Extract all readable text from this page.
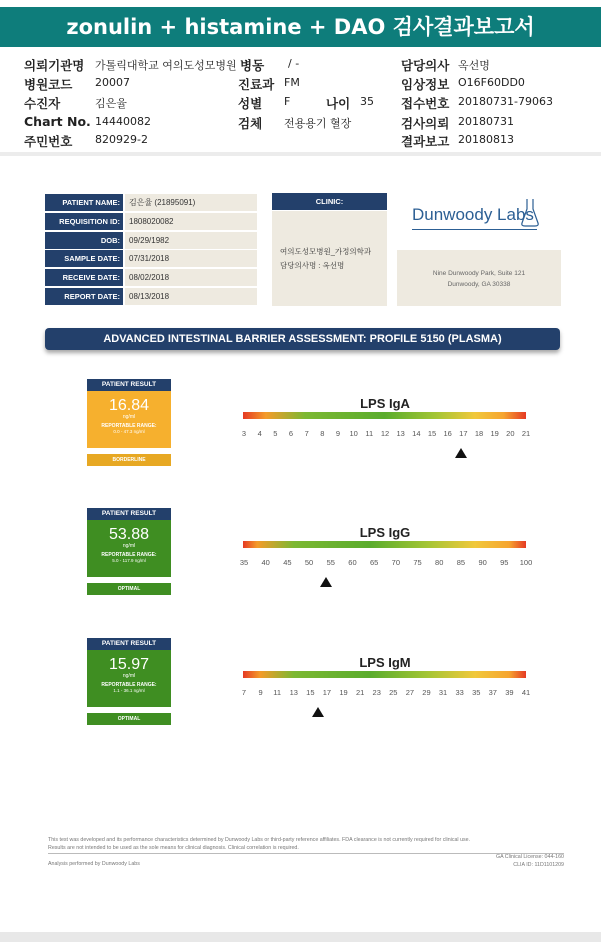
zonulin + histamine + DAO 검사결과보고서
의뢰기관명 가톨릭대학교 여의도성모병원
병원코드 20007
수진자	김은율
Chart No. 14440082
주민번호 820929-2
병동 / -
진료과 FM
성별 F
검체 전용용기 혈장
나이 35
담당의사 옥선명
임상정보 O16F60DD0
접수번호 20180731-79063
검사의뢰 20180731
결과보고 20180813
PATIENT NAME:	김은율 (21895091)
REQUISITION ID:	1808020082
DOB:	09/29/1982
SAMPLE DATE:	07/31/2018
RECEIVE DATE:	08/02/2018
REPORT DATE:	08/13/2018
CLINIC:
여의도성모병원_가정의학과
담당의사명 : 옥선명
Dunwoody Labs
Nine Dunwoody Park, Suite 121
Dunwoody, GA 30338
ADVANCED INTESTINAL BARRIER ASSESSMENT: PROFILE 5150 (PLASMA)
PATIENT RESULT
16.84
ng/ml
REPORTABLE RANGE:
0.0 - 47.3 ng/ml
BORDERLINE
LPS IgA
3 4 5 6 7 8 9 10 11 12 13 14 15 16 17 18 19 20 21
PATIENT RESULT
53.88
ng/ml
REPORTABLE RANGE:
5.0 - 117.9 ng/ml
OPTIMAL
LPS IgG
35 40 45 50 55 60 65 70 75 80 85 90 95 100
PATIENT RESULT
15.97
ng/ml
REPORTABLE RANGE:
1.1 - 36.1 ng/ml
OPTIMAL
LPS IgM
7 9 11 13 15 17 19 21 23 25 27 29 31 33 35 37 39 41
This test was developed and its performance characteristics determined by Dunwoody Labs or third-party reference affiliates. FDA clearance is not currently required for clinical use.
Results are not intended to be used as the sole means for clinical diagnosis. Clinical correlation is required.
Analysis performed by Dunwoody Labs
GA Clinical License: 044-160
CLIA ID: 11D1101209
